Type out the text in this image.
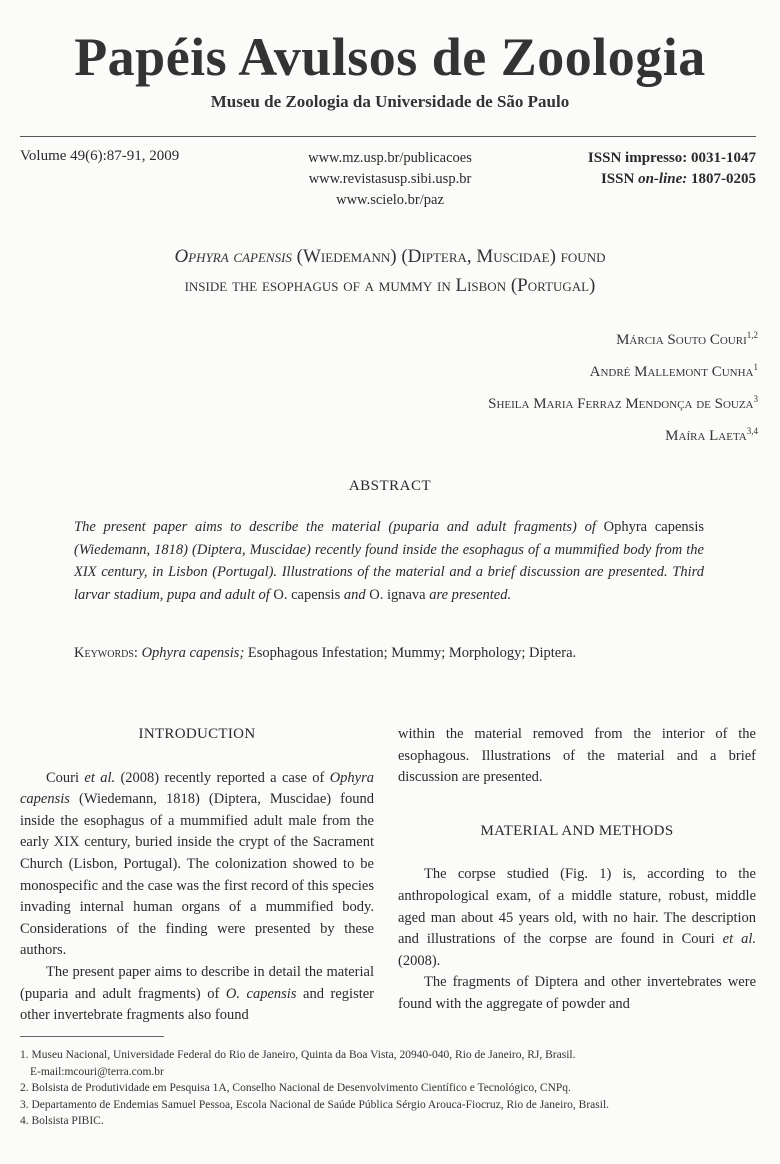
Papéis Avulsos de Zoologia
Museu de Zoologia da Universidade de São Paulo
Volume 49(6):87-91, 2009	www.mz.usp.br/publicacoes
www.revistasusp.sibi.usp.br
www.scielo.br/paz
ISSN impresso: 0031-1047
ISSN on-line: 1807-0205
Ophyra capensis (Wiedemann) (Diptera, Muscidae) found
inside the esophagus of a mummy in Lisbon (Portugal)
Márcia Souto Couri$^{1,2}$
André Mallemont Cunha$^1$
Sheila Maria Ferraz Mendonça de Souza$^3$
Maíra Laeta$^{3,4}$
ABSTRACT
The present paper aims to describe the material (puparia and adult fragments) of Ophyra capensis (Wiedemann, 1818) (Diptera, Muscidae) recently found inside the esophagus of a mummified body from the XIX century, in Lisbon (Portugal). Illustrations of the material and a brief discussion are presented. Third larvar stadium, pupa and adult of O. capensis and O. ignava are presented.
Keywords: Ophyra capensis; Esophagous Infestation; Mummy; Morphology; Diptera.
INTRODUCTION

Couri et al. (2008) recently reported a case of Ophyra capensis (Wiedemann, 1818) (Diptera, Muscidae) found inside the esophagus of a mummified adult male from the early XIX century, buried inside the crypt of the Sacrament Church (Lisbon, Portugal). The colonization showed to be monospecific and the case was the first record of this species invading internal human organs of a mummified body. Considerations of the finding were presented by these authors.

The present paper aims to describe in detail the material (puparia and adult fragments) of O. capensis and register other invertebrate fragments also found

within the material removed from the interior of the esophagous. Illustrations of the material and a brief discussion are presented.

MATERIAL AND METHODS

The corpse studied (Fig. 1) is, according to the anthropological exam, of a middle stature, robust, middle aged man about 45 years old, with no hair. The description and illustrations of the corpse are found in Couri et al. (2008).

The fragments of Diptera and other invertebrates were found with the aggregate of powder and

1. Museu Nacional, Universidade Federal do Rio de Janeiro, Quinta da Boa Vista, 20940-040, Rio de Janeiro, RJ, Brasil.
E-mail:mcouri@terra.com.br
2. Bolsista de Produtividade em Pesquisa 1A, Conselho Nacional de Desenvolvimento Científico e Tecnológico, CNPq.
3. Departamento de Endemias Samuel Pessoa, Escola Nacional de Saúde Pública Sérgio Arouca-Fiocruz, Rio de Janeiro, Brasil.
4. Bolsista PIBIC.
